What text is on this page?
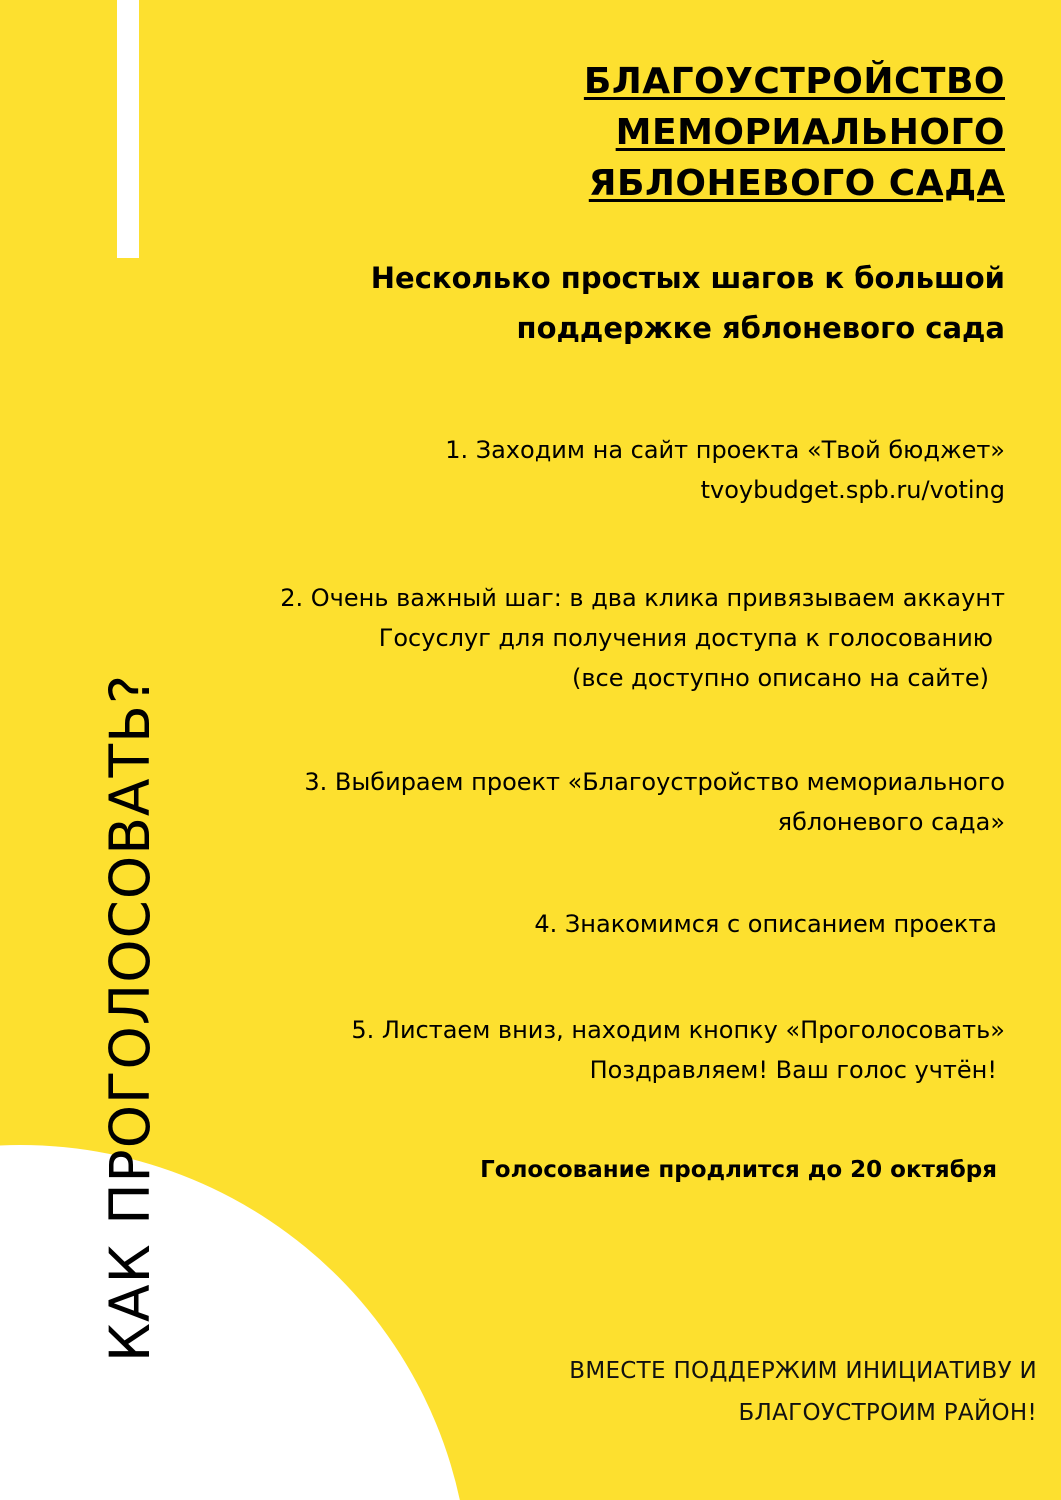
КАК ПРОГОЛОСОВАТЬ?
БЛАГОУСТРОЙСТВО
МЕМОРИАЛЬНОГО
ЯБЛОНЕВОГО САДА
Несколько простых шагов к большой
поддержке яблоневого сада
1. Заходим на сайт проекта «Твой бюджет»
tvoybudget.spb.ru/voting
2. Очень важный шаг: в два клика привязываем аккаунт
Госуслуг для получения доступа к голосованию
(все доступно описано на сайте)
3. Выбираем проект «Благоустройство мемориального
яблоневого сада»
4. Знакомимся с описанием проекта
5. Листаем вниз, находим кнопку «Проголосовать»
Поздравляем! Ваш голос учтён!
Голосование продлится до 20 октября
ВМЕСТЕ ПОДДЕРЖИМ ИНИЦИАТИВУ И
БЛАГОУСТРОИМ РАЙОН!
